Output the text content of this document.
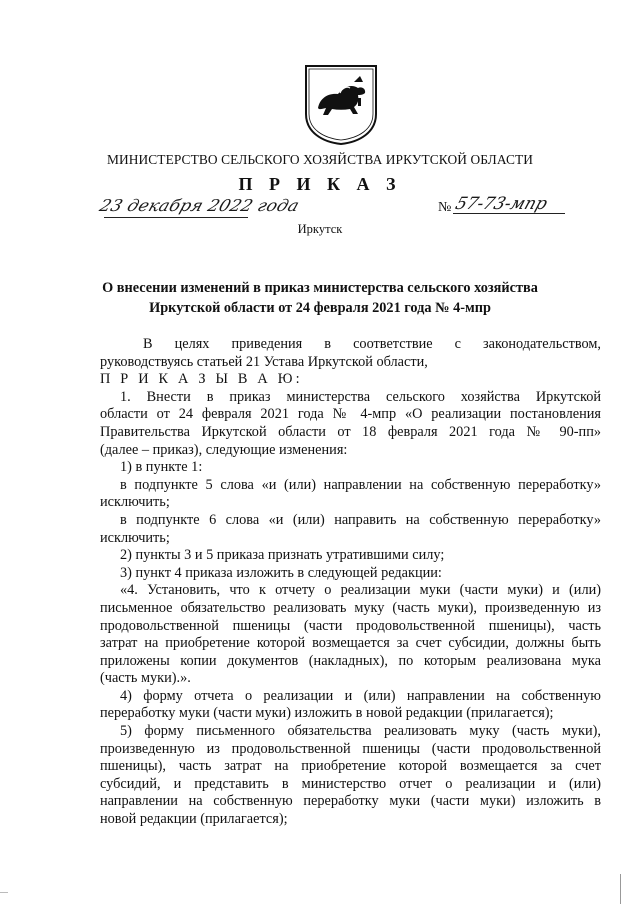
МИНИСТЕРСТВО СЕЛЬСКОГО ХОЗЯЙСТВА ИРКУТСКОЙ ОБЛАСТИ
П Р И К А З
23 декабря 2022 года	№ 57-73-мпр
Иркутск
О внесении изменений в приказ министерства сельского хозяйства
Иркутской области от 24 февраля 2021 года № 4-мпр

В     целях     приведения     в     соответствие     с     законодательством,

руководствуясь статьей 21 Устава Иркутской области,

П Р И К А З Ы В А Ю:

1. Внести в приказ министерства сельского хозяйства Иркутской

области от 24 февраля 2021 года № 4-мпр «О реализации постановления

Правительства Иркутской области от 18 февраля 2021 года № 90-пп»

(далее – приказ), следующие изменения:

1) в пункте 1:

в подпункте 5 слова «и (или) направлении на собственную переработку»

исключить;

в подпункте 6 слова «и (или) направить на собственную переработку»

исключить;

2) пункты 3 и 5 приказа признать утратившими силу;

3) пункт 4 приказа изложить в следующей редакции:

«4. Установить, что к отчету о реализации муки (части муки) и (или)

письменное обязательство реализовать муку (часть муки), произведенную из

продовольственной пшеницы (части продовольственной пшеницы), часть

затрат на приобретение которой возмещается за счет субсидии, должны быть

приложены копии документов (накладных), по которым реализована мука

(часть муки).».

4) форму отчета о реализации и (или) направлении на собственную

переработку муки (части муки) изложить в новой редакции (прилагается);

5) форму письменного обязательства реализовать муку (часть муки),

произведенную из продовольственной пшеницы (части продовольственной

пшеницы), часть затрат на приобретение которой возмещается за счет

субсидий, и представить в министерство отчет о реализации и (или)

направлении на собственную переработку муки (части муки) изложить в

новой редакции (прилагается);
